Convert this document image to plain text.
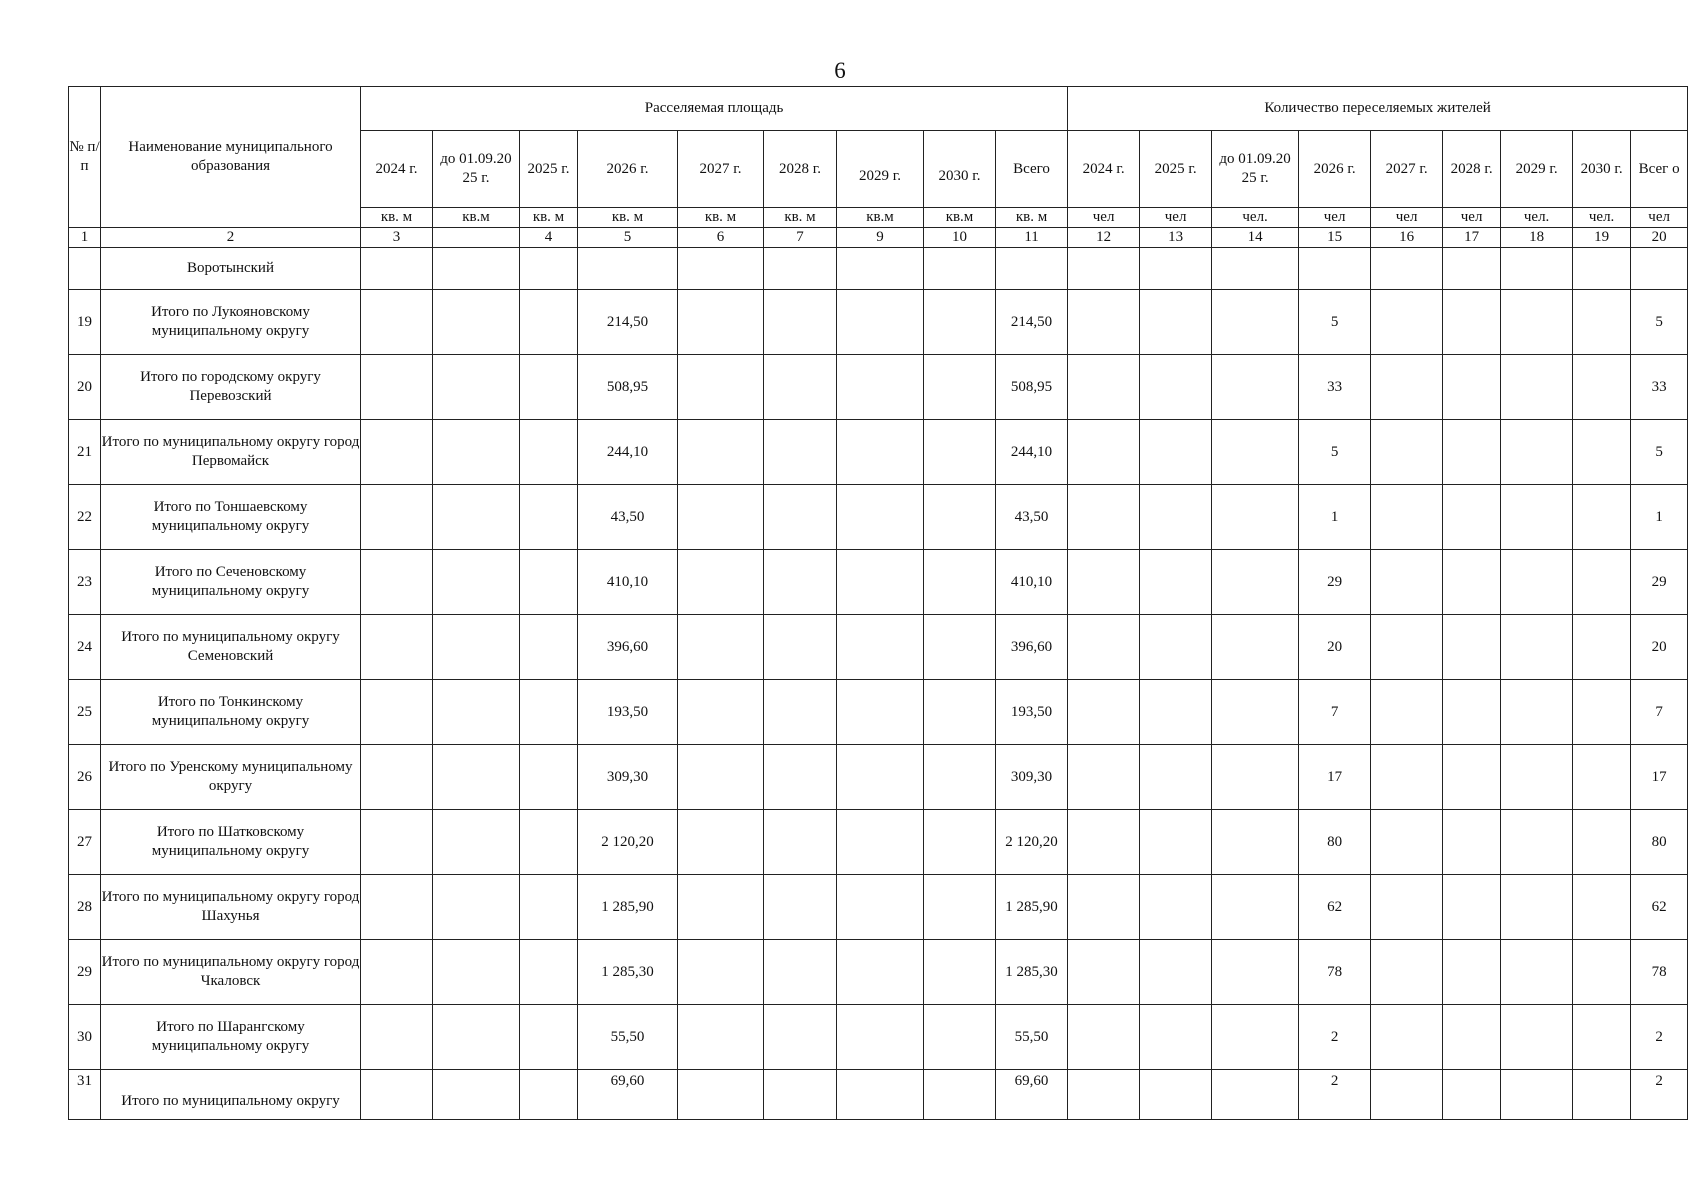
6
№ п/п	Наименование муниципального образования	Расселяемая площадь									Количество переселяемых жителей								
		2024 г.	до 01.09.20 25 г.	2025 г.	2026 г.	2027 г.	2028 г.	2029 г.	2030 г.	Всего	2024 г.	2025 г.	до 01.09.20 25 г.	2026 г.	2027 г.	2028 г.	2029 г.	2030 г.	Всег о
		кв. м	кв.м	кв. м	кв. м	кв. м	кв. м	кв.м	кв.м	кв. м	чел	чел	чел.	чел	чел	чел	чел.	чел.	чел
1	2	3		4	5	6	7	9	10	11	12	13	14	15	16	17	18	19	20
	Воротынский																		
19	Итого по Лукояновскому муниципальному округу				214,50					214,50				5					5
20	Итого по городскому округу Перевозский				508,95					508,95				33					33
21	Итого по муниципальному округу город Первомайск				244,10					244,10				5					5
22	Итого по Тоншаевскому муниципальному округу				43,50					43,50				1					1
23	Итого по Сеченовскому муниципальному округу				410,10					410,10				29					29
24	Итого по муниципальному округу Семеновский				396,60					396,60				20					20
25	Итого по Тонкинскому муниципальному округу				193,50					193,50				7					7
26	Итого по Уренскому муниципальному округу				309,30					309,30				17					17
27	Итого по Шатковскому муниципальному округу				2 120,20					2 120,20				80					80
28	Итого по муниципальному округу город Шахунья				1 285,90					1 285,90				62					62
29	Итого по муниципальному округу город Чкаловск				1 285,30					1 285,30				78					78
30	Итого по Шарангскому муниципальному округу				55,50					55,50				2					2
31	Итого по муниципальному округу				69,60					69,60				2					2
